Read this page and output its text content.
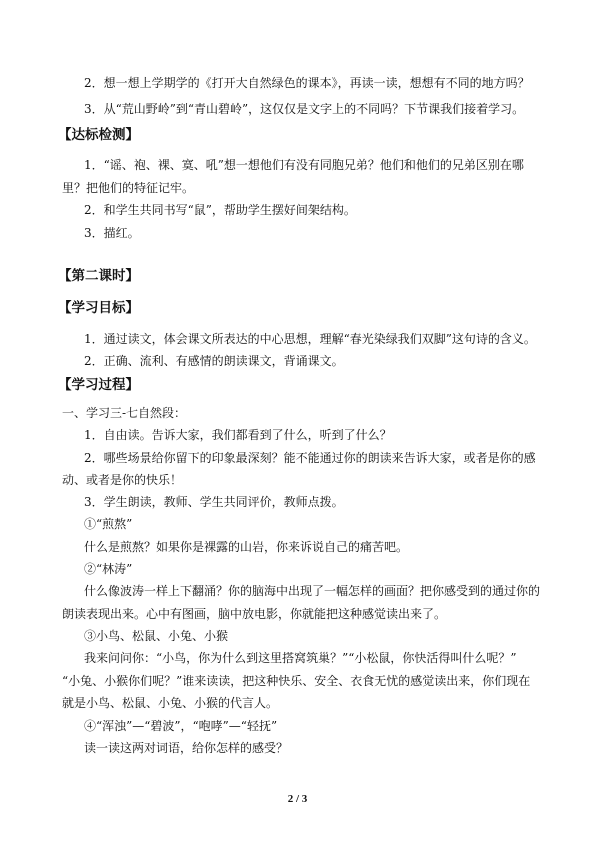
2．想一想上学期学的《打开大自然绿色的课本》，再读一读，想想有不同的地方吗？
3．从“荒山野岭”到“青山碧岭”，这仅仅是文字上的不同吗？下节课我们接着学习。
【达标检测】
1．“谣、袍、裸、寞、吼”想一想他们有没有同胞兄弟？他们和他们的兄弟区别在哪
里？把他们的特征记牢。
2．和学生共同书写“鼠”，帮助学生摆好间架结构。
3．描红。
【第二课时】
【学习目标】
1．通过读文，体会课文所表达的中心思想，理解“春光染绿我们双脚”这句诗的含义。
2．正确、流利、有感情的朗读课文，背诵课文。
【学习过程】
一、学习三-七自然段：
1．自由读。告诉大家，我们都看到了什么，听到了什么？
2．哪些场景给你留下的印象最深刻？能不能通过你的朗读来告诉大家，或者是你的感
动、或者是你的快乐！
3．学生朗读，教师、学生共同评价，教师点拨。
①“煎熬”
什么是煎熬？如果你是裸露的山岩，你来诉说自己的痛苦吧。
②“林涛”
什么像波涛一样上下翻涌？你的脑海中出现了一幅怎样的画面？把你感受到的通过你的
朗读表现出来。心中有图画，脑中放电影，你就能把这种感觉读出来了。
③小鸟、松鼠、小兔、小猴
我来问问你：“小鸟，你为什么到这里搭窝筑巢？”“小松鼠，你快活得叫什么呢？”
“小兔、小猴你们呢？”谁来读读，把这种快乐、安全、衣食无忧的感觉读出来，你们现在
就是小鸟、松鼠、小兔、小猴的代言人。
④“浑浊”—“碧波”，“咆哮”—“轻抚”
读一读这两对词语，给你怎样的感受？
2 / 3
